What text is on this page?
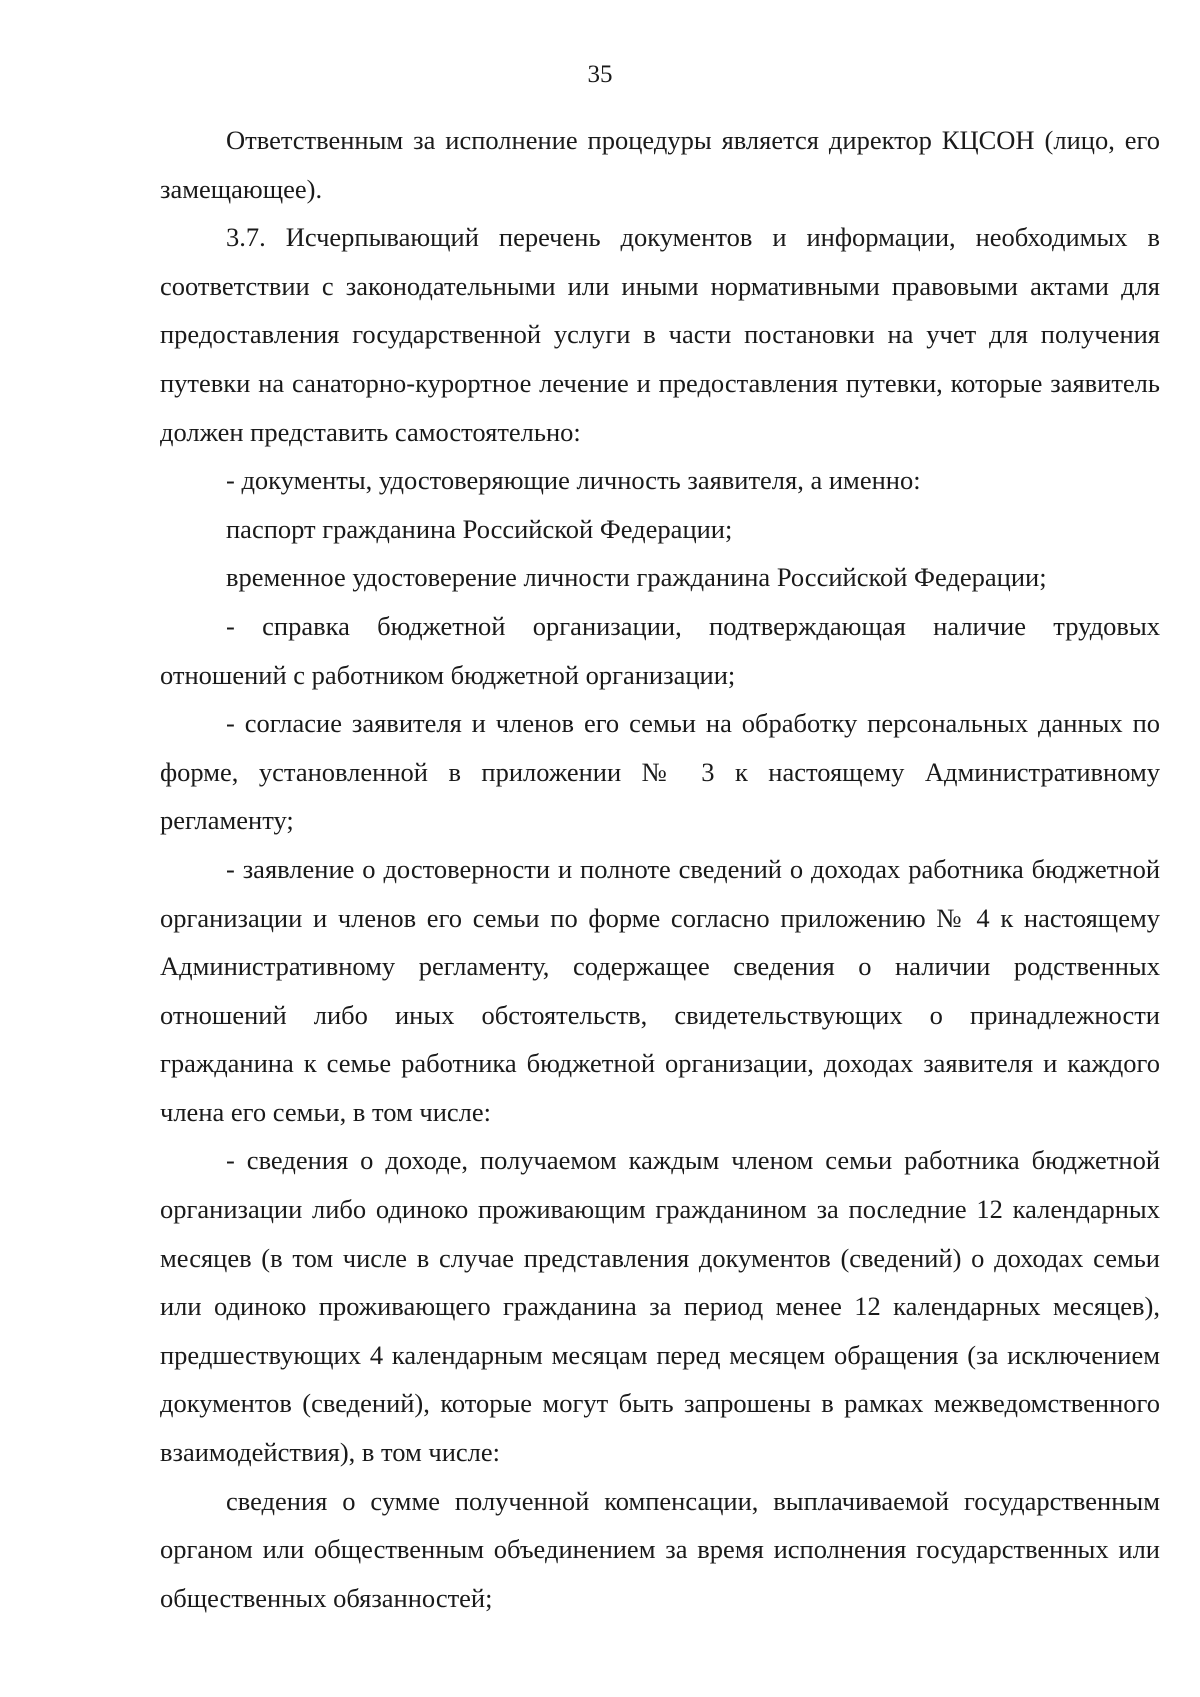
35

Ответственным за исполнение процедуры является директор КЦСОН (лицо, его замещающее).

3.7. Исчерпывающий перечень документов и информации, необходимых в соответствии с законодательными или иными нормативными правовыми актами для предоставления государственной услуги в части постановки на учет для получения путевки на санаторно-курортное лечение и предоставления путевки, которые заявитель должен представить самостоятельно:

- документы, удостоверяющие личность заявителя, а именно:

паспорт гражданина Российской Федерации;

временное удостоверение личности гражданина Российской Федерации;

- справка бюджетной организации, подтверждающая наличие трудовых отношений с работником бюджетной организации;

- согласие заявителя и членов его семьи на обработку персональных данных по форме, установленной в приложении № 3 к настоящему Административному регламенту;

- заявление о достоверности и полноте сведений о доходах работника бюджетной организации и членов его семьи по форме согласно приложению № 4 к настоящему Административному регламенту, содержащее сведения о наличии родственных отношений либо иных обстоятельств, свидетельствующих о принадлежности гражданина к семье работника бюджетной организации, доходах заявителя и каждого члена его семьи, в том числе:

- сведения о доходе, получаемом каждым членом семьи работника бюджетной организации либо одиноко проживающим гражданином за последние 12 календарных месяцев (в том числе в случае представления документов (сведений) о доходах семьи или одиноко проживающего гражданина за период менее 12 календарных месяцев), предшествующих 4 календарным месяцам перед месяцем обращения (за исключением документов (сведений), которые могут быть запрошены в рамках межведомственного взаимодействия), в том числе:

сведения о сумме полученной компенсации, выплачиваемой государственным органом или общественным объединением за время исполнения государственных или общественных обязанностей;
